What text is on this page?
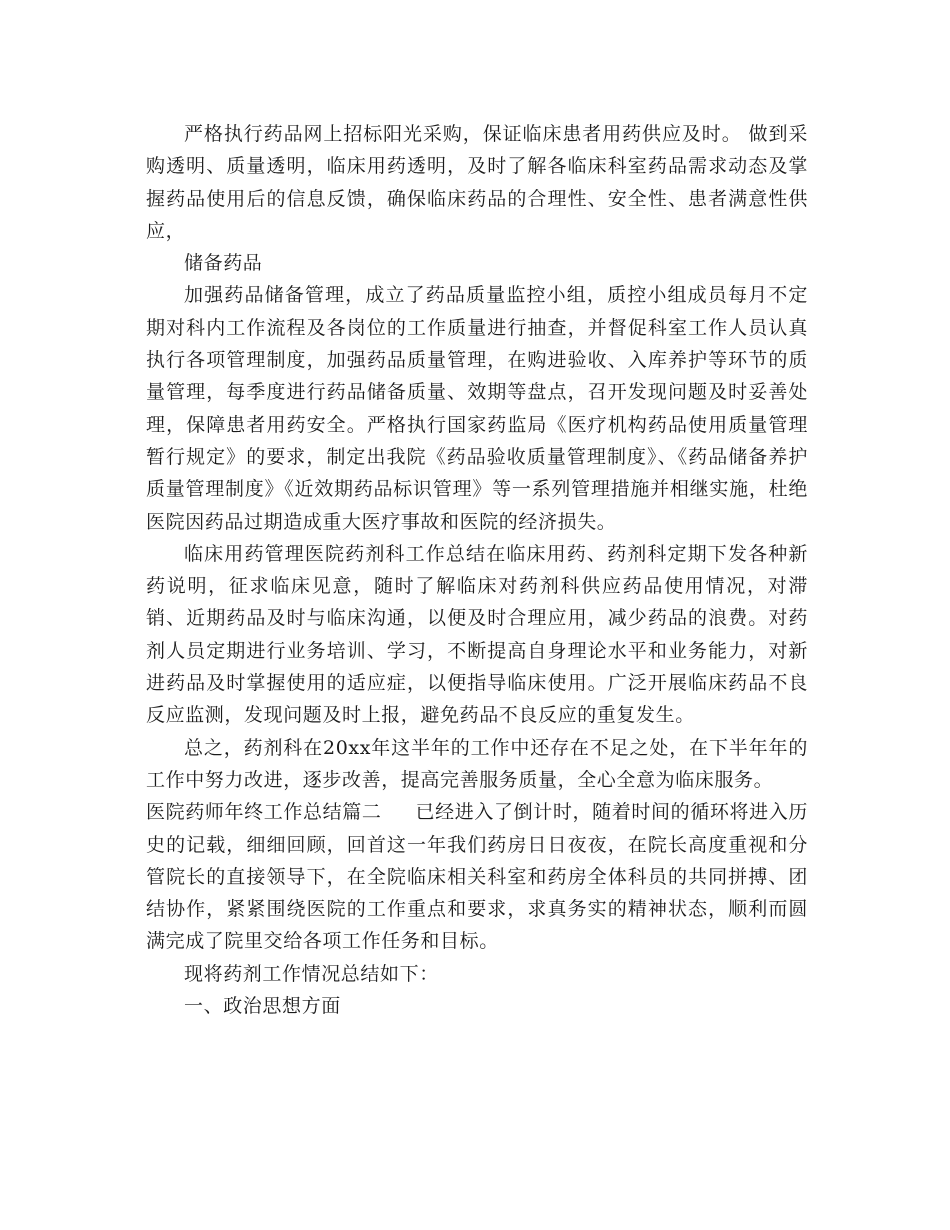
严格执行药品网上招标阳光采购，保证临床患者用药供应及时。 做到采购透明、质量透明，临床用药透明，及时了解各临床科室药品需求动态及掌握药品使用后的信息反馈，确保临床药品的合理性、安全性、患者满意性供应，

储备药品

加强药品储备管理，成立了药品质量监控小组，质控小组成员每月不定期对科内工作流程及各岗位的工作质量进行抽查，并督促科室工作人员认真执行各项管理制度，加强药品质量管理，在购进验收、入库养护等环节的质量管理，每季度进行药品储备质量、效期等盘点，召开发现问题及时妥善处理，保障患者用药安全。严格执行国家药监局《医疗机构药品使用质量管理暂行规定》的要求，制定出我院《药品验收质量管理制度》、《药品储备养护质量管理制度》《近效期药品标识管理》等一系列管理措施并相继实施，杜绝医院因药品过期造成重大医疗事故和医院的经济损失。

临床用药管理医院药剂科工作总结在临床用药、药剂科定期下发各种新药说明，征求临床见意，随时了解临床对药剂科供应药品使用情况，对滞销、近期药品及时与临床沟通，以便及时合理应用，减少药品的浪费。对药剂人员定期进行业务培训、学习，不断提高自身理论水平和业务能力，对新进药品及时掌握使用的适应症，以便指导临床使用。广泛开展临床药品不良反应监测，发现问题及时上报，避免药品不良反应的重复发生。

总之，药剂科在20xx年这半年的工作中还存在不足之处，在下半年年的工作中努力改进，逐步改善，提高完善服务质量，全心全意为临床服务。

医院药师年终工作总结篇二 已经进入了倒计时，随着时间的循环将进入历史的记载，细细回顾，回首这一年我们药房日日夜夜，在院长高度重视和分管院长的直接领导下，在全院临床相关科室和药房全体科员的共同拼搏、团结协作，紧紧围绕医院的工作重点和要求，求真务实的精神状态，顺利而圆满完成了院里交给各项工作任务和目标。

现将药剂工作情况总结如下：

一、政治思想方面
